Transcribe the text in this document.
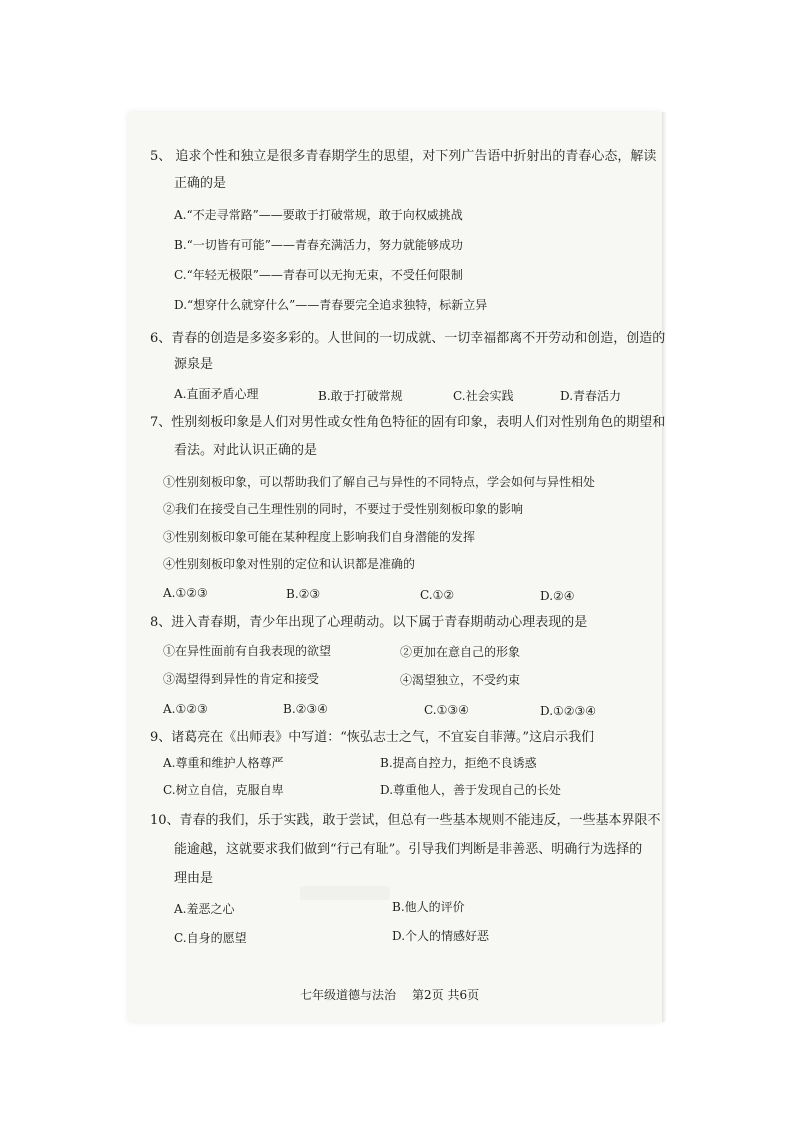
5、 追求个性和独立是很多青春期学生的思望，对下列广告语中折射出的青春心态，解读
正确的是
A.“不走寻常路”——要敢于打破常规，敢于向权威挑战
B.“一切皆有可能”——青春充满活力，努力就能够成功
C.“年轻无极限”——青春可以无拘无束，不受任何限制
D.“想穿什么就穿什么”——青春要完全追求独特，标新立异
6、青春的创造是多姿多彩的。人世间的一切成就、一切幸福都离不开劳动和创造，创造的
源泉是
A.直面矛盾心理	B.敢于打破常规	C.社会实践	D.青春活力
7、性别刻板印象是人们对男性或女性角色特征的固有印象，表明人们对性别角色的期望和
看法。对此认识正确的是
①性别刻板印象，可以帮助我们了解自己与异性的不同特点，学会如何与异性相处
②我们在接受自己生理性别的同时，不要过于受性别刻板印象的影响
③性别刻板印象可能在某种程度上影响我们自身潜能的发挥
④性别刻板印象对性别的定位和认识都是准确的
A.①②③	B.②③	C.①②	D.②④
8、进入青春期，青少年出现了心理萌动。以下属于青春期萌动心理表现的是
①在异性面前有自我表现的欲望	②更加在意自己的形象
③渴望得到异性的肯定和接受	④渴望独立，不受约束
A.①②③	B.②③④	C.①③④	D.①②③④
9、诸葛亮在《出师表》中写道：“恢弘志士之气，不宜妄自菲薄。”这启示我们
A.尊重和维护人格尊严	B.提高自控力，拒绝不良诱惑
C.树立自信，克服自卑	D.尊重他人，善于发现自己的长处
10、青春的我们，乐于实践，敢于尝试，但总有一些基本规则不能违反，一些基本界限不
能逾越，这就要求我们做到“行己有耻”。引导我们判断是非善恶、明确行为选择的
理由是
A.羞恶之心	B.他人的评价
C.自身的愿望	D.个人的情感好恶
七年级道德与法治 第2页 共6页
